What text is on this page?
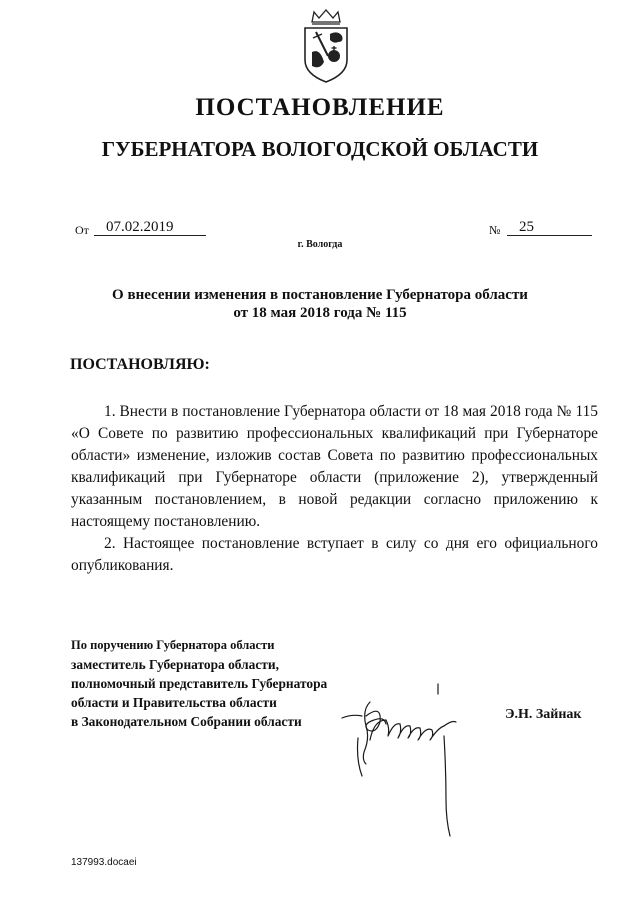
ПОСТАНОВЛЕНИЕ
ГУБЕРНАТОРА ВОЛОГОДСКОЙ ОБЛАСТИ
От 07.02.2019	№ 25
г. Вологда
О внесении изменения в постановление Губернатора области
от 18 мая 2018 года № 115
ПОСТАНОВЛЯЮ:

1. Внести в постановление Губернатора области от 18 мая 2018 года № 115 «О Совете по развитию профессиональных квалификаций при Губернаторе области» изменение, изложив состав Совета по развитию профессиональных квалификаций при Губернаторе области (приложение 2), утвержденный указанным постановлением, в новой редакции согласно приложению к настоящему постановлению.

2. Настоящее постановление вступает в силу со дня его официального опубликования.

По поручению Губернатора области
заместитель Губернатора области,
полномочный представитель Губернатора
области и Правительства области
в Законодательном Собрании области	Э.Н. Зайнак
137993.docaei
